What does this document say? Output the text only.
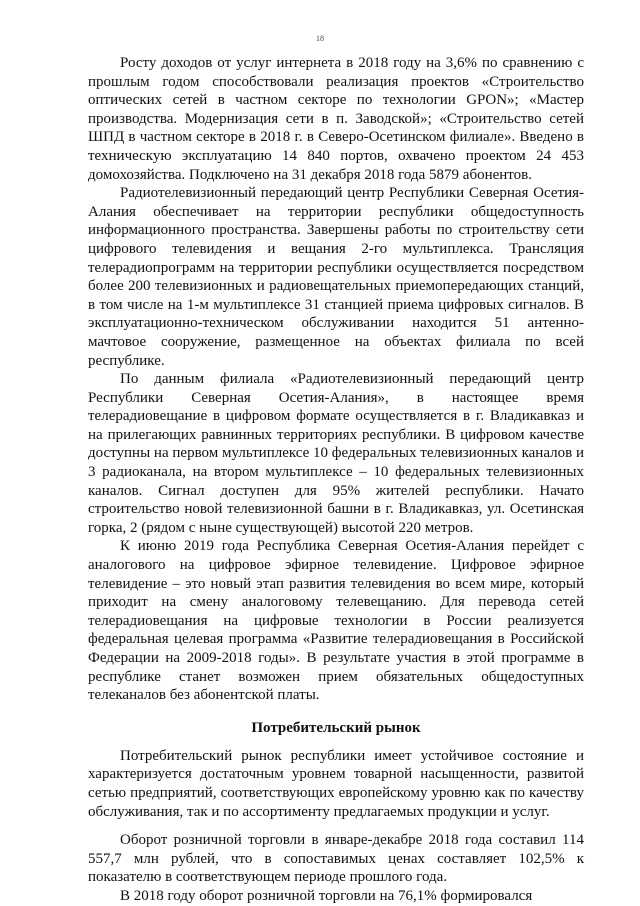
18

Росту доходов от услуг интернета в 2018 году на 3,6% по сравнению с прошлым годом способствовали реализация проектов «Строительство оптических сетей в частном секторе по технологии GPON»; «Мастер производства. Модернизация сети в п. Заводской»; «Строительство сетей ШПД в частном секторе в 2018 г. в Северо-Осетинском филиале». Введено в техническую эксплуатацию 14 840 портов, охвачено проектом 24 453 домохозяйства. Подключено на 31 декабря 2018 года 5879 абонентов.

Радиотелевизионный передающий центр Республики Северная Осетия-Алания обеспечивает на территории республики общедоступность информационного пространства. Завершены работы по строительству сети цифрового телевидения и вещания 2-го мультиплекса. Трансляция телерадиопрограмм на территории республики осуществляется посредством более 200 телевизионных и радиовещательных приемопередающих станций, в том числе на 1-м мультиплексе 31 станцией приема цифровых сигналов. В эксплуатационно-техническом обслуживании находится 51 антенно-мачтовое сооружение, размещенное на объектах филиала по всей республике.

По данным филиала «Радиотелевизионный передающий центр Республики Северная Осетия-Алания», в настоящее время телерадиовещание в цифровом формате осуществляется в г. Владикавказ и на прилегающих равнинных территориях республики. В цифровом качестве доступны на первом мультиплексе 10 федеральных телевизионных каналов и 3 радиоканала, на втором мультиплексе – 10 федеральных телевизионных каналов. Сигнал доступен для 95% жителей республики. Начато строительство новой телевизионной башни в г. Владикавказ, ул. Осетинская горка, 2 (рядом с ныне существующей) высотой 220 метров.

К июню 2019 года Республика Северная Осетия-Алания перейдет с аналогового на цифровое эфирное телевидение. Цифровое эфирное телевидение – это новый этап развития телевидения во всем мире, который приходит на смену аналоговому телевещанию. Для перевода сетей телерадиовещания на цифровые технологии в России реализуется федеральная целевая программа «Развитие телерадиовещания в Российской Федерации на 2009-2018 годы». В результате участия в этой программе в республике станет возможен прием обязательных общедоступных телеканалов без абонентской платы.

Потребительский рынок

Потребительский рынок республики имеет устойчивое состояние и характеризуется достаточным уровнем товарной насыщенности, развитой сетью предприятий, соответствующих европейскому уровню как по качеству обслуживания, так и по ассортименту предлагаемых продукции и услуг.

Оборот розничной торговли в январе-декабре 2018 года составил 114 557,7 млн рублей, что в сопоставимых ценах составляет 102,5% к показателю в соответствующем периоде прошлого года.

В 2018 году оборот розничной торговли на 76,1% формировался
